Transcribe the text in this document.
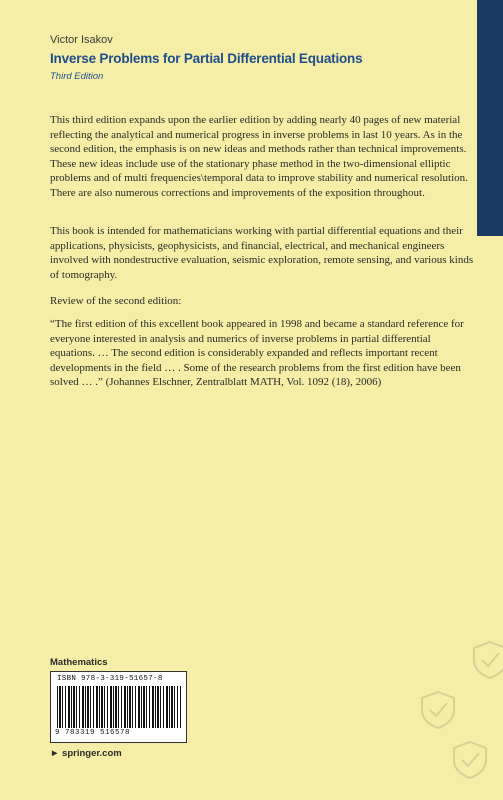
Victor Isakov
Inverse Problems for Partial Differential Equations
Third Edition
This third edition expands upon the earlier edition by adding nearly 40 pages of new material reflecting the analytical and numerical progress in inverse problems in last 10 years. As in the second edition, the emphasis is on new ideas and methods rather than technical improvements. These new ideas include use of the stationary phase method in the two-dimensional elliptic problems and of multi frequencies\temporal data to improve stability and numerical resolution. There are also numerous corrections and improvements of the exposition throughout.
This book is intended for mathematicians working with partial differential equations and their applications, physicists, geophysicists, and financial, electrical, and mechanical engineers involved with nondestructive evaluation, seismic exploration, remote sensing, and various kinds of tomography.
Review of the second edition:
“The first edition of this excellent book appeared in 1998 and became a standard reference for everyone interested in analysis and numerics of inverse problems in partial differential equations. … The second edition is considerably expanded and reflects important recent developments in the field … . Some of the research problems from the first edition have been solved … .” (Johannes Elschner, Zentralblatt MATH, Vol. 1092 (18), 2006)
Mathematics
ISBN 978-3-319-51657-8
9 783319 516578
► springer.com
